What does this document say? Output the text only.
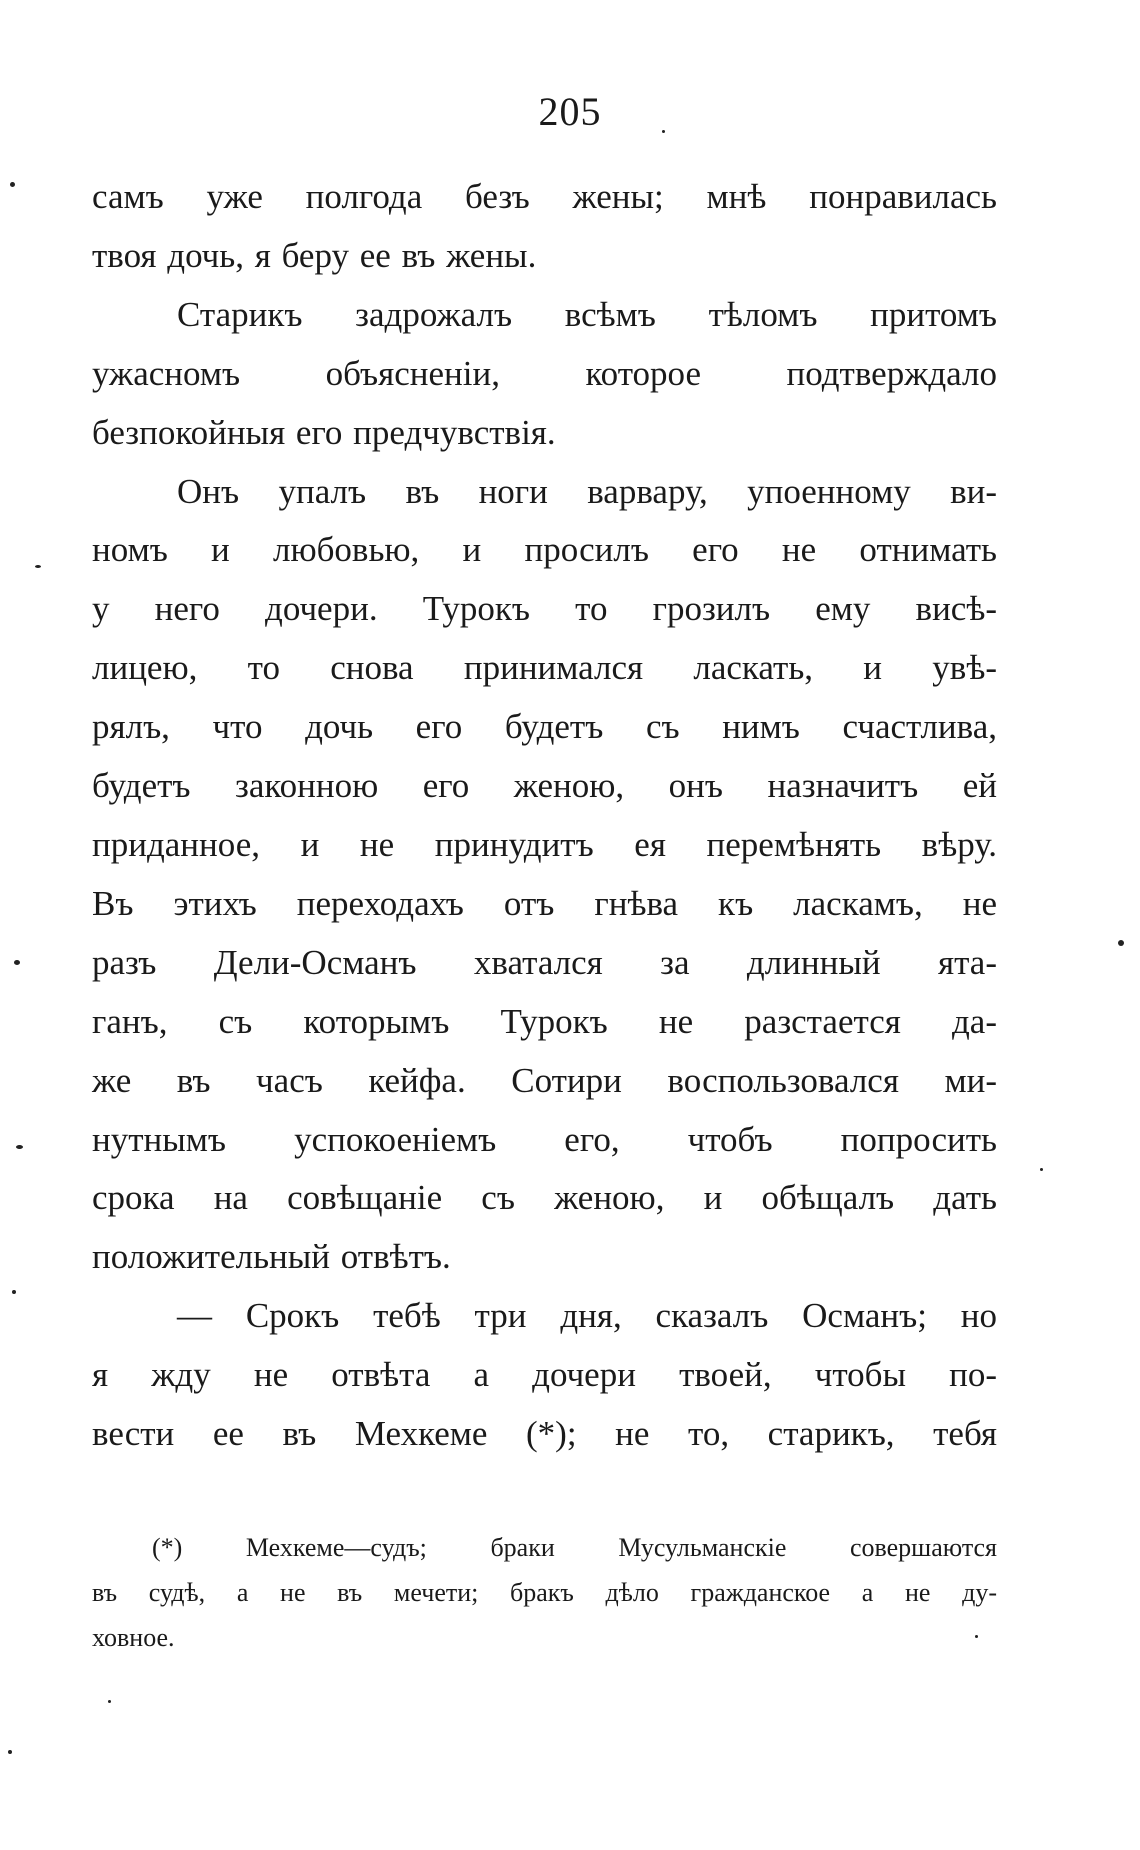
205
самъ уже полгода безъ жены; мнѣ понравилась
твоя дочь, я беру ее въ жены.
Старикъ задрожалъ всѣмъ тѣломъ притомъ
ужасномъ объясненіи, которое подтверждало
безпокойныя его предчувствія.
Онъ упалъ въ ноги варвару, упоенному ви-
номъ и любовью, и просилъ его не отнимать
у него дочери. Турокъ то грозилъ ему висѣ-
лицею, то снова принимался ласкать, и увѣ-
рялъ, что дочь его будетъ съ нимъ счастлива,
будетъ законною его женою, онъ назначитъ ей
приданное, и не принудитъ ея перемѣнять вѣру.
Въ этихъ переходахъ отъ гнѣва къ ласкамъ, не
разъ Дели-Османъ хватался за длинный ята-
ганъ, съ которымъ Турокъ не разстается да-
же въ часъ кейфа. Сотири воспользовался ми-
нутнымъ успокоеніемъ его, чтобъ попросить
срока на совѣщаніе съ женою, и обѣщалъ дать
положительный отвѣтъ.
— Срокъ тебѣ три дня, сказалъ Османъ; но
я жду не отвѣта а дочери твоей, чтобы по-
вести ее въ Мехкеме (*); не то, старикъ, тебя
(*) Мехкеме—судъ; браки Мусульманскіе совершаются
въ судѣ, а не въ мечети; бракъ дѣло гражданское а не ду-
ховное.
